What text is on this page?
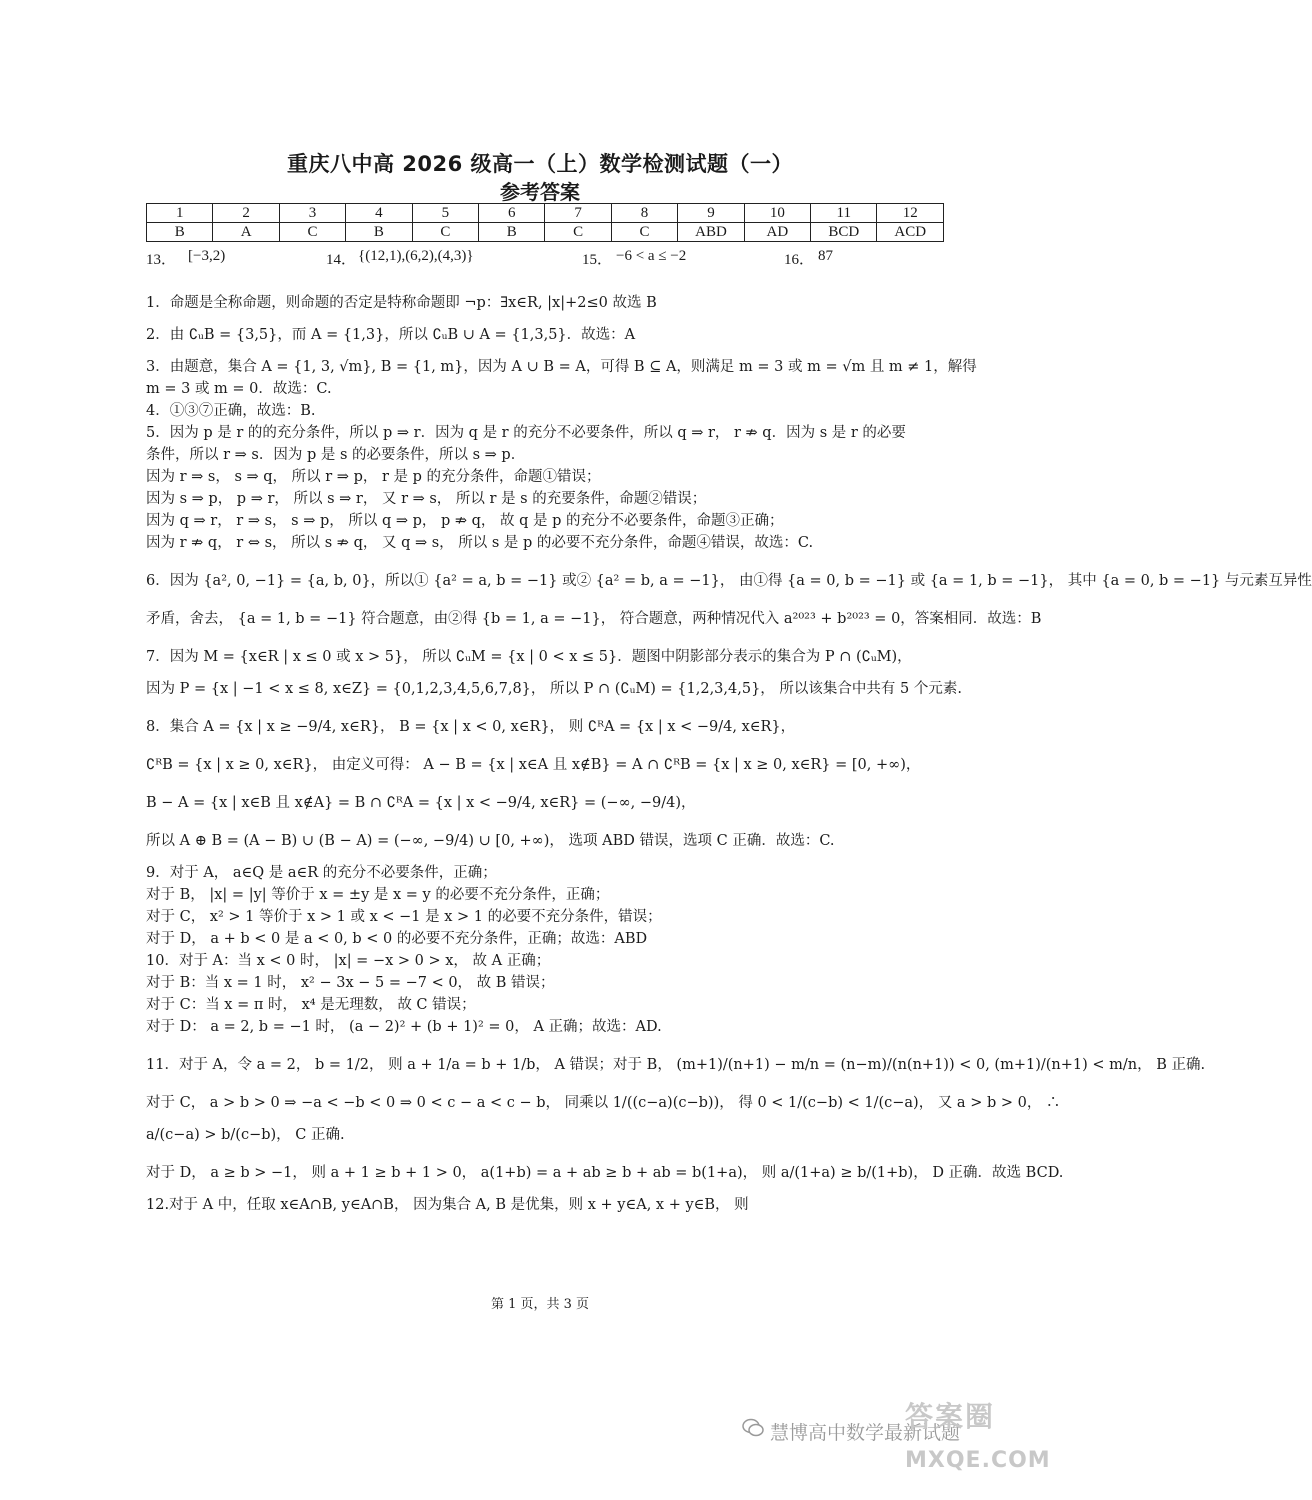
重庆八中高 2026 级高一（上）数学检测试题（一）
参考答案
1	2	3	4	5	6	7	8	9	10	11	12
B	A	C	B	C	B	C	C	ABD	AD	BCD	ACD
13． [−3,2)	14． {(12,1),(6,2),(4,3)}	15． −6 < a ≤ −2	16． 87

1．命题是全称命题，则命题的否定是特称命题即 ¬p：∃x∈R, |x|+2≤0 故选 B

2．由 ∁ᵤB = {3,5}，而 A = {1,3}，所以 ∁ᵤB ∪ A = {1,3,5}．故选：A

3．由题意，集合 A = {1, 3, √m}, B = {1, m}，因为 A ∪ B = A，可得 B ⊆ A，则满足 m = 3 或 m = √m 且 m ≠ 1，解得

m = 3 或 m = 0．故选：C.

4．①③⑦正确，故选：B.

5．因为 p 是 r 的的充分条件，所以 p ⇒ r．因为 q 是 r 的充分不必要条件，所以 q ⇒ r， r ⇏ q．因为 s 是 r 的必要

条件，所以 r ⇒ s．因为 p 是 s 的必要条件，所以 s ⇒ p．

因为 r ⇒ s， s ⇒ q， 所以 r ⇒ p， r 是 p 的充分条件，命题①错误；

因为 s ⇒ p， p ⇒ r， 所以 s ⇒ r， 又 r ⇒ s， 所以 r 是 s 的充要条件，命题②错误；

因为 q ⇒ r， r ⇒ s， s ⇒ p， 所以 q ⇒ p， p ⇏ q， 故 q 是 p 的充分不必要条件，命题③正确；

因为 r ⇏ q， r ⇔ s， 所以 s ⇏ q， 又 q ⇒ s， 所以 s 是 p 的必要不充分条件，命题④错误，故选：C.

6．因为 {a², 0, −1} = {a, b, 0}，所以① {a² = a, b = −1} 或② {a² = b, a = −1}， 由①得 {a = 0, b = −1} 或 {a = 1, b = −1}， 其中 {a = 0, b = −1} 与元素互异性

矛盾，舍去， {a = 1, b = −1} 符合题意，由②得 {b = 1, a = −1}， 符合题意，两种情况代入 a²⁰²³ + b²⁰²³ = 0，答案相同．故选：B

7．因为 M = {x∈R | x ≤ 0 或 x > 5}， 所以 ∁ᵤM = {x | 0 < x ≤ 5}．题图中阴影部分表示的集合为 P ∩ (∁ᵤM)，

因为 P = {x | −1 < x ≤ 8, x∈Z} = {0,1,2,3,4,5,6,7,8}， 所以 P ∩ (∁ᵤM) = {1,2,3,4,5}， 所以该集合中共有 5 个元素.

8．集合 A = {x | x ≥ −9/4, x∈R}， B = {x | x < 0, x∈R}， 则 ∁ᴿA = {x | x < −9/4, x∈R}，

∁ᴿB = {x | x ≥ 0, x∈R}， 由定义可得： A − B = {x | x∈A 且 x∉B} = A ∩ ∁ᴿB = {x | x ≥ 0, x∈R} = [0, +∞)，

B − A = {x | x∈B 且 x∉A} = B ∩ ∁ᴿA = {x | x < −9/4, x∈R} = (−∞, −9/4)，

所以 A ⊕ B = (A − B) ∪ (B − A) = (−∞, −9/4) ∪ [0, +∞)， 选项 ABD 错误，选项 C 正确．故选：C.

9．对于 A， a∈Q 是 a∈R 的充分不必要条件，正确；

对于 B， |x| = |y| 等价于 x = ±y 是 x = y 的必要不充分条件，正确；

对于 C， x² > 1 等价于 x > 1 或 x < −1 是 x > 1 的必要不充分条件，错误；

对于 D， a + b < 0 是 a < 0, b < 0 的必要不充分条件，正确；故选：ABD

10．对于 A：当 x < 0 时， |x| = −x > 0 > x， 故 A 正确；

对于 B：当 x = 1 时， x² − 3x − 5 = −7 < 0， 故 B 错误；

对于 C：当 x = π 时， x⁴ 是无理数， 故 C 错误；

对于 D： a = 2, b = −1 时， (a − 2)² + (b + 1)² = 0， A 正确；故选：AD.

11．对于 A，令 a = 2， b = 1/2， 则 a + 1/a = b + 1/b， A 错误；对于 B， (m+1)/(n+1) − m/n = (n−m)/(n(n+1)) < 0, (m+1)/(n+1) < m/n， B 正确.

对于 C， a > b > 0 ⇒ −a < −b < 0 ⇒ 0 < c − a < c − b， 同乘以 1/((c−a)(c−b))， 得 0 < 1/(c−b) < 1/(c−a)， 又 a > b > 0， ∴

a/(c−a) > b/(c−b)， C 正确.

对于 D， a ≥ b > −1， 则 a + 1 ≥ b + 1 > 0， a(1+b) = a + ab ≥ b + ab = b(1+a)， 则 a/(1+a) ≥ b/(1+b)， D 正确．故选 BCD.

12.对于 A 中，任取 x∈A∩B, y∈A∩B， 因为集合 A, B 是优集，则 x + y∈A, x + y∈B， 则

第 1 页，共 3 页
慧博高中数学最新试题
答案圈
MXQE.COM
